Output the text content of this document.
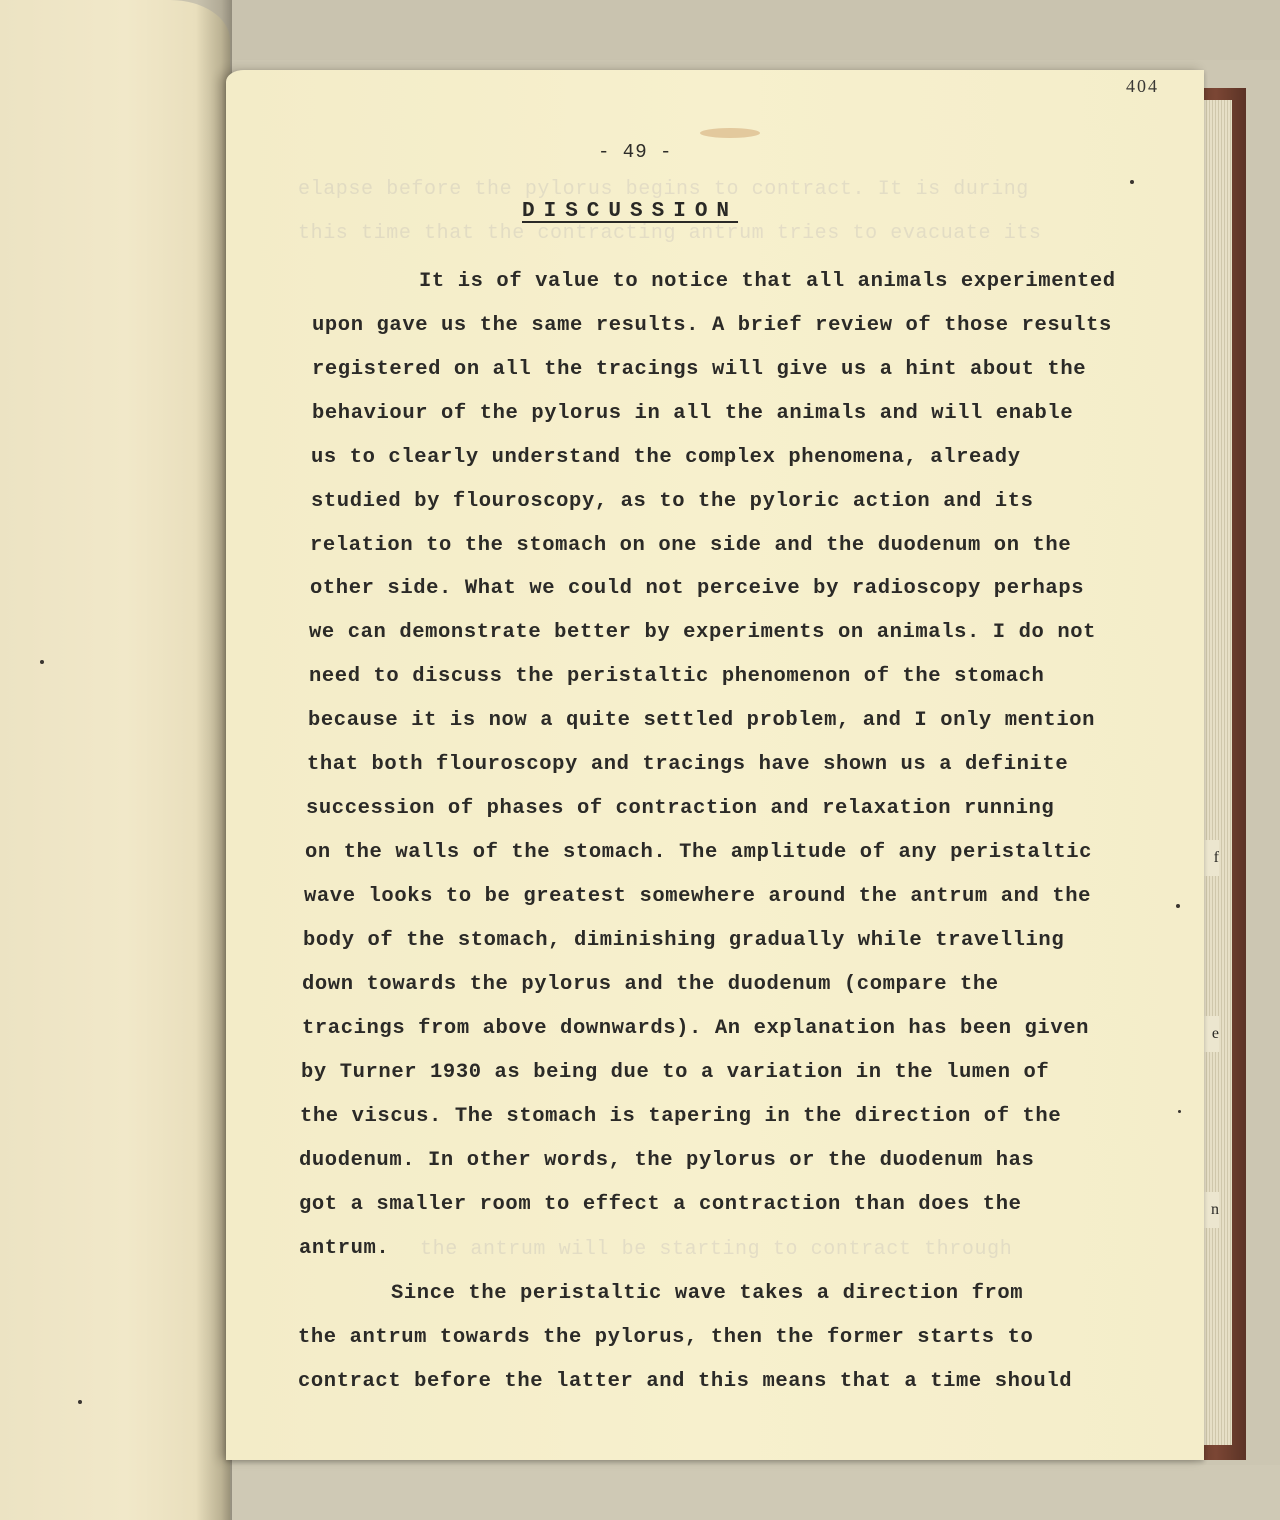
f
e
n
elapse before the pylorus begins to contract. It is during
this time that the contracting antrum tries to evacuate its
the antrum will be starting to contract through
404
- 49 -
DISCUSSION
It is of value to notice that all animals experimented
upon gave us the same results. A brief review of those results
registered on all the tracings will give us a hint about the
behaviour of the pylorus in all the animals and will enable
us to clearly understand the complex phenomena, already
studied by flouroscopy, as to the pyloric action and its
relation to the stomach on one side and the duodenum on the
other side. What we could not perceive by radioscopy perhaps
we can demonstrate better by experiments on animals. I do not
need to discuss the peristaltic phenomenon of the stomach
because it is now a quite settled problem, and I only mention
that both flouroscopy and tracings have shown us a definite
succession of phases of contraction and relaxation running
on the walls of the stomach. The amplitude of any peristaltic
wave looks to be greatest somewhere around the antrum and the
body of the stomach, diminishing gradually while travelling
down towards the pylorus and the duodenum (compare the
tracings from above downwards). An explanation has been given
by Turner 1930 as being due to a variation in the lumen of
the viscus. The stomach is tapering in the direction of the
duodenum. In other words, the pylorus or the duodenum has
got a smaller room to effect a contraction than does the
antrum.
Since the peristaltic wave takes a direction from
the antrum towards the pylorus, then the former starts to
contract before the latter and this means that a time should
